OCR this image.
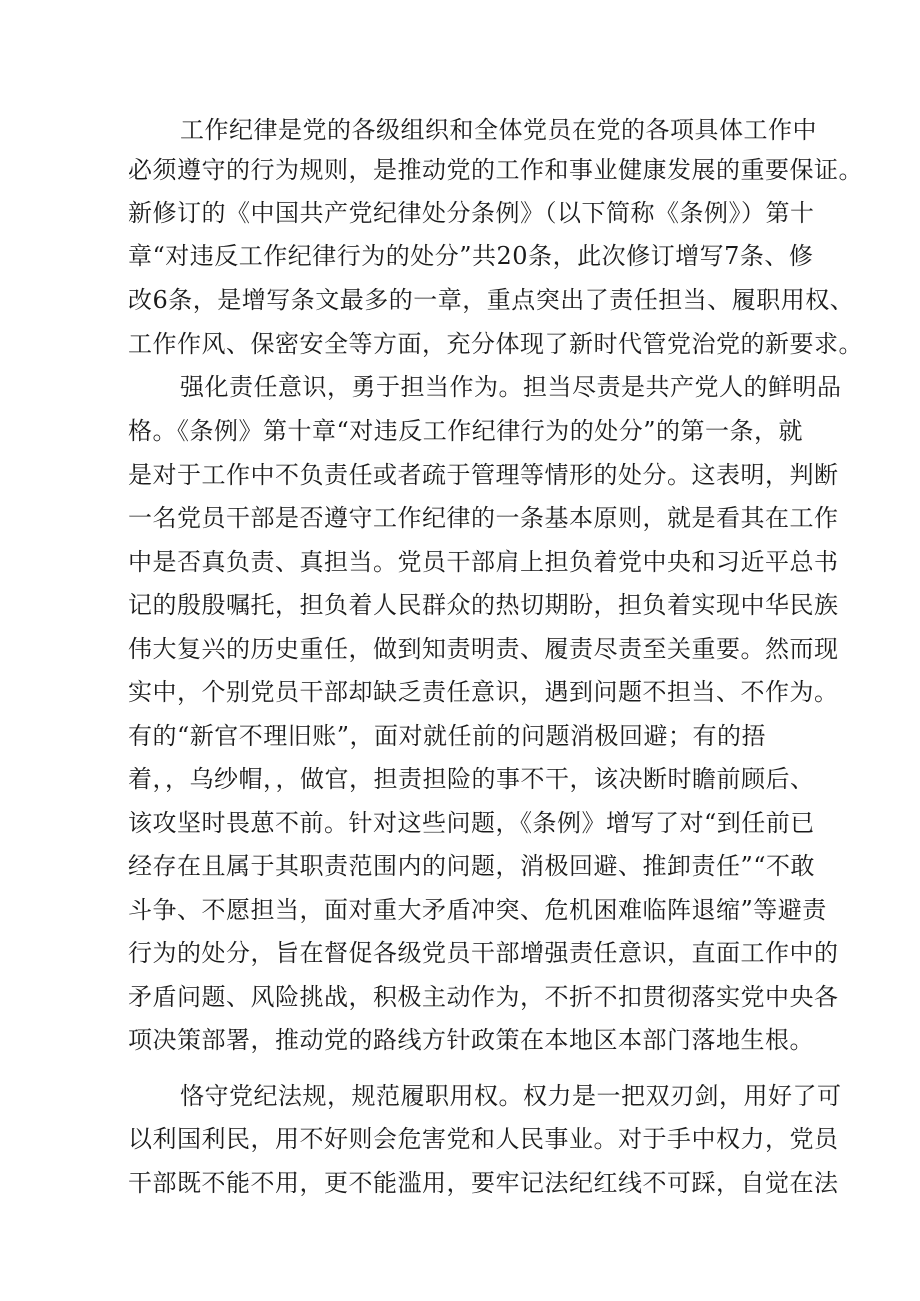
工作纪律是党的各级组织和全体党员在党的各项具体工作中
必须遵守的行为规则，是推动党的工作和事业健康发展的重要保证。
新修订的《中国共产党纪律处分条例》（以下简称《条例》）第十
章“对违反工作纪律行为的处分”共20条，此次修订增写7条、修
改6条，是增写条文最多的一章，重点突出了责任担当、履职用权、
工作作风、保密安全等方面，充分体现了新时代管党治党的新要求。
强化责任意识，勇于担当作为。担当尽责是共产党人的鲜明品
格。《条例》第十章“对违反工作纪律行为的处分”的第一条，就
是对于工作中不负责任或者疏于管理等情形的处分。这表明，判断
一名党员干部是否遵守工作纪律的一条基本原则，就是看其在工作
中是否真负责、真担当。党员干部肩上担负着党中央和习近平总书
记的殷殷嘱托，担负着人民群众的热切期盼，担负着实现中华民族
伟大复兴的历史重任，做到知责明责、履责尽责至关重要。然而现
实中，个别党员干部却缺乏责任意识，遇到问题不担当、不作为。
有的“新官不理旧账”，面对就任前的问题消极回避；有的捂
着，，乌纱帽，，做官，担责担险的事不干，该决断时瞻前顾后、
该攻坚时畏葸不前。针对这些问题，《条例》增写了对“到任前已
经存在且属于其职责范围内的问题，消极回避、推卸责任”“不敢
斗争、不愿担当，面对重大矛盾冲突、危机困难临阵退缩”等避责
行为的处分，旨在督促各级党员干部增强责任意识，直面工作中的
矛盾问题、风险挑战，积极主动作为，不折不扣贯彻落实党中央各
项决策部署，推动党的路线方针政策在本地区本部门落地生根。
恪守党纪法规，规范履职用权。权力是一把双刃剑，用好了可
以利国利民，用不好则会危害党和人民事业。对于手中权力，党员
干部既不能不用，更不能滥用，要牢记法纪红线不可踩，自觉在法
